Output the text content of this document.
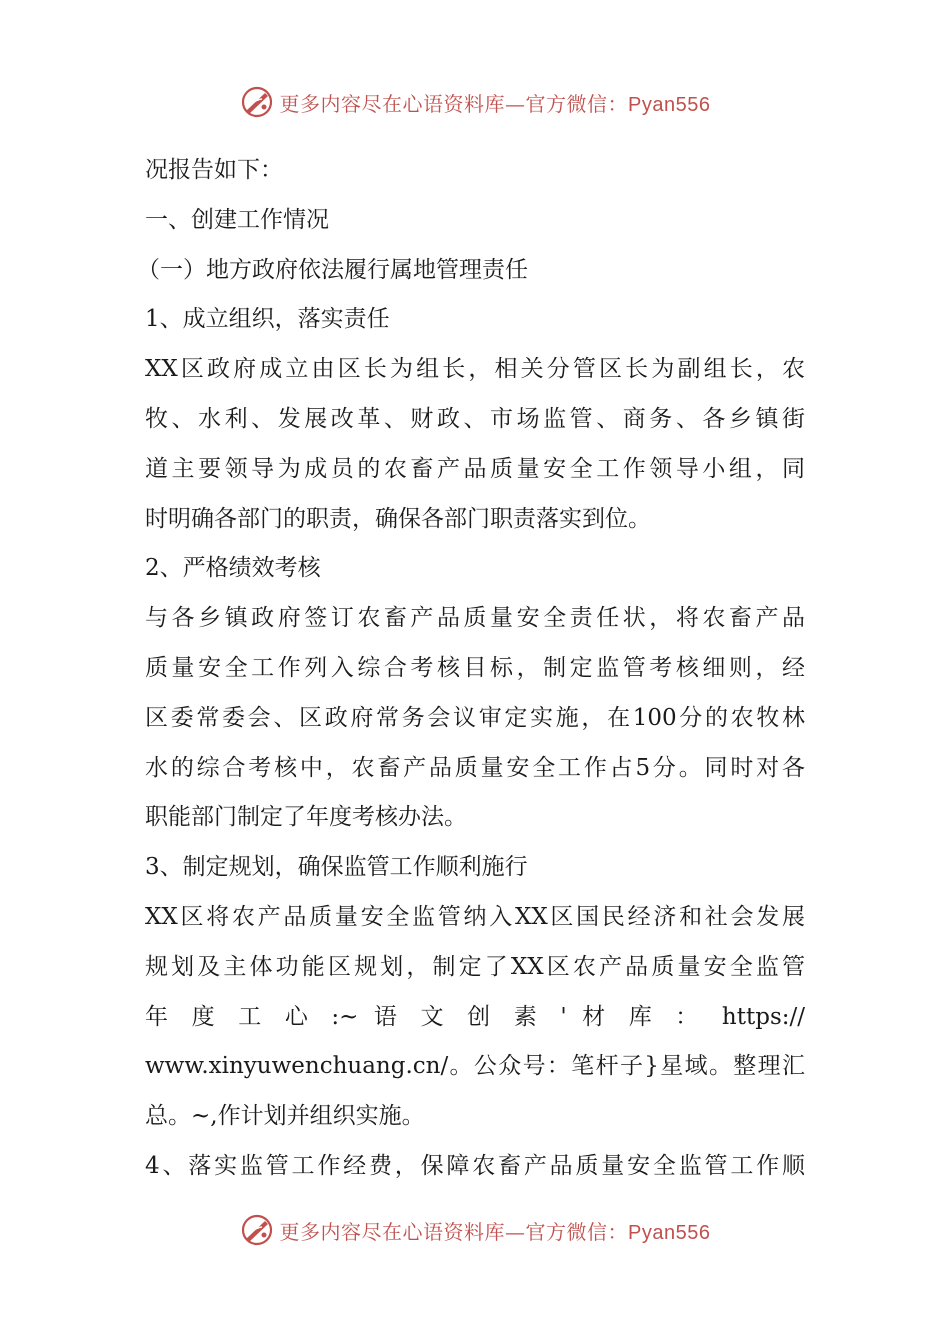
更多内容尽在心语资料库—官方微信：Pyan556
况报告如下：
一、创建工作情况
（一）地方政府依法履行属地管理责任
1、成立组织，落实责任
XX区政府成立由区长为组长，相关分管区长为副组长，农
牧、水利、发展改革、财政、市场监管、商务、各乡镇街
道主要领导为成员的农畜产品质量安全工作领导小组，同
时明确各部门的职责，确保各部门职责落实到位。
2、严格绩效考核
与各乡镇政府签订农畜产品质量安全责任状，将农畜产品
质量安全工作列入综合考核目标，制定监管考核细则，经
区委常委会、区政府常务会议审定实施，在100分的农牧林
水的综合考核中，农畜产品质量安全工作占5分。同时对各
职能部门制定了年度考核办法。
3、制定规划，确保监管工作顺利施行
XX区将农产品质量安全监管纳入XX区国民经济和社会发展
规划及主体功能区规划，制定了XX区农产品质量安全监管
年 度 工 心 :~ 语 文 创 素 ' 材 库 ： https://
www.xinyuwenchuang.cn/。公众号：笔杆子}星域。整理汇
总。~,作计划并组织实施。
4、落实监管工作经费，保障农畜产品质量安全监管工作顺
更多内容尽在心语资料库—官方微信：Pyan556
